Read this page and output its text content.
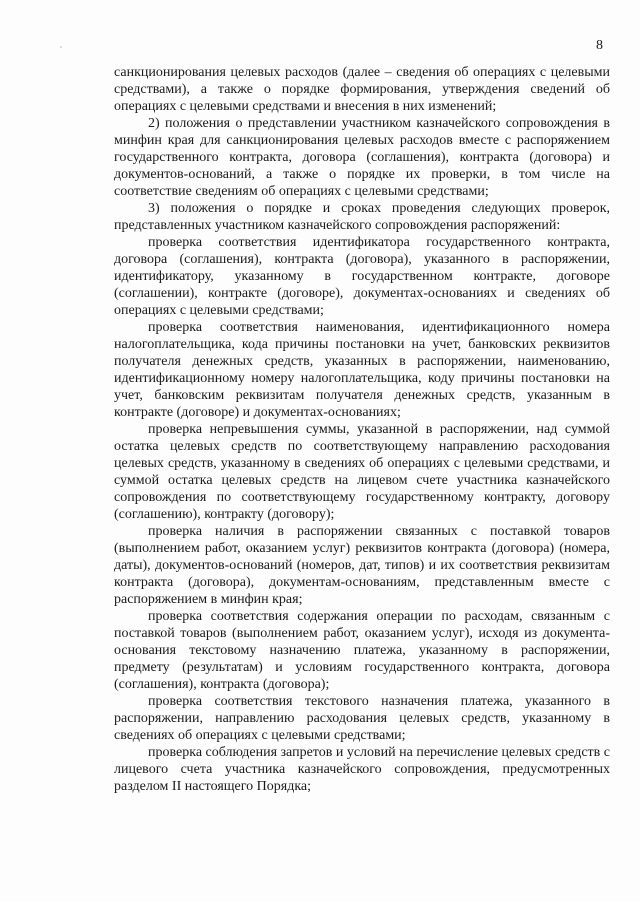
8

санкционирования целевых расходов (далее – сведения об операциях с целевыми средствами), а также о порядке формирования, утверждения сведений об операциях с целевыми средствами и внесения в них изменений;

2) положения о представлении участником казначейского сопровождения в минфин края для санкционирования целевых расходов вместе с распоряжением государственного контракта, договора (соглашения), контракта (договора) и документов-оснований, а также о порядке их проверки, в том числе на соответствие сведениям об операциях с целевыми средствами;

3) положения о порядке и сроках проведения следующих проверок, представленных участником казначейского сопровождения распоряжений:

проверка соответствия идентификатора государственного контракта, договора (соглашения), контракта (договора), указанного в распоряжении, идентификатору, указанному в государственном контракте, договоре (соглашении), контракте (договоре), документах-основаниях и сведениях об операциях с целевыми средствами;

проверка соответствия наименования, идентификационного номера налогоплательщика, кода причины постановки на учет, банковских реквизитов получателя денежных средств, указанных в распоряжении, наименованию, идентификационному номеру налогоплательщика, коду причины постановки на учет, банковским реквизитам получателя денежных средств, указанным в контракте (договоре) и документах-основаниях;

проверка непревышения суммы, указанной в распоряжении, над суммой остатка целевых средств по соответствующему направлению расходования целевых средств, указанному в сведениях об операциях с целевыми средствами, и суммой остатка целевых средств на лицевом счете участника казначейского сопровождения по соответствующему государственному контракту, договору (соглашению), контракту (договору);

проверка наличия в распоряжении связанных с поставкой товаров (выполнением работ, оказанием услуг) реквизитов контракта (договора) (номера, даты), документов-оснований (номеров, дат, типов) и их соответствия реквизитам контракта (договора), документам-основаниям, представленным вместе с распоряжением в минфин края;

проверка соответствия содержания операции по расходам, связанным с поставкой товаров (выполнением работ, оказанием услуг), исходя из документа-основания текстовому назначению платежа, указанному в распоряжении, предмету (результатам) и условиям государственного контракта, договора (соглашения), контракта (договора);

проверка соответствия текстового назначения платежа, указанного в распоряжении, направлению расходования целевых средств, указанному в сведениях об операциях с целевыми средствами;

проверка соблюдения запретов и условий на перечисление целевых средств с лицевого счета участника казначейского сопровождения, предусмотренных разделом II настоящего Порядка;
